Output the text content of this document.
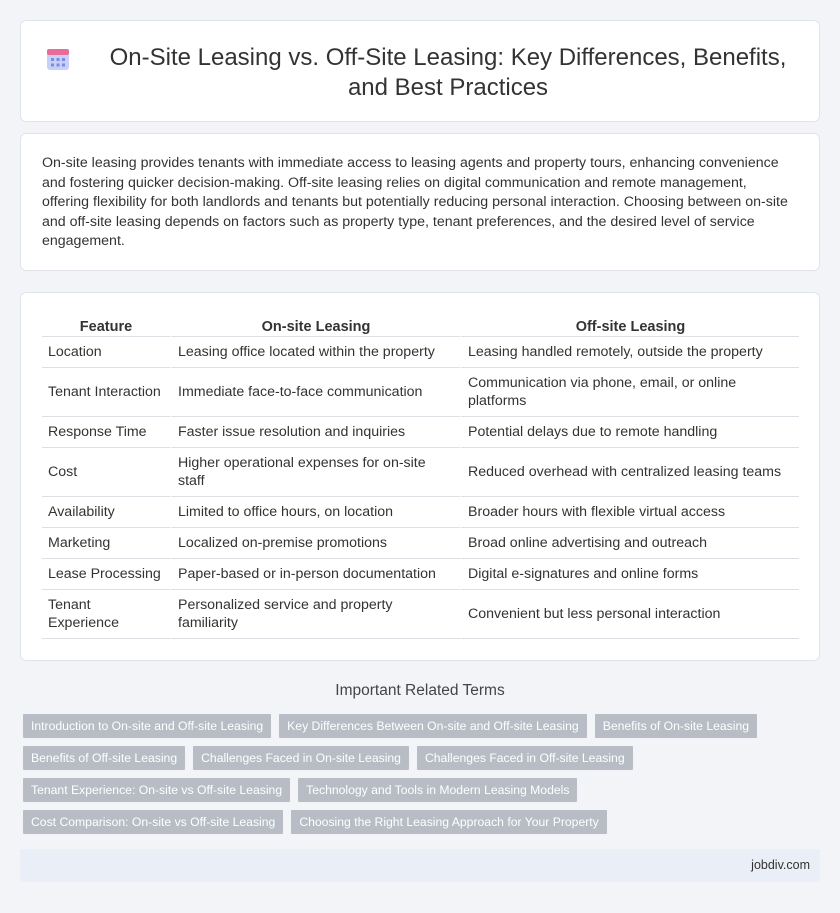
On-Site Leasing vs. Off-Site Leasing: Key Differences, Benefits, and Best Practices

On-site leasing provides tenants with immediate access to leasing agents and property tours, enhancing convenience and fostering quicker decision-making. Off-site leasing relies on digital communication and remote management, offering flexibility for both landlords and tenants but potentially reducing personal interaction. Choosing between on-site and off-site leasing depends on factors such as property type, tenant preferences, and the desired level of service engagement.

Feature	On-site Leasing	Off-site Leasing
Location	Leasing office located within the property	Leasing handled remotely, outside the property
Tenant Interaction	Immediate face-to-face communication	Communication via phone, email, or online platforms
Response Time	Faster issue resolution and inquiries	Potential delays due to remote handling
Cost	Higher operational expenses for on-site staff	Reduced overhead with centralized leasing teams
Availability	Limited to office hours, on location	Broader hours with flexible virtual access
Marketing	Localized on-premise promotions	Broad online advertising and outreach
Lease Processing	Paper-based or in-person documentation	Digital e-signatures and online forms
Tenant Experience	Personalized service and property familiarity	Convenient but less personal interaction
Important Related Terms
Introduction to On-site and Off-site Leasing	Key Differences Between On-site and Off-site Leasing	Benefits of On-site Leasing
Benefits of Off-site Leasing	Challenges Faced in On-site Leasing	Challenges Faced in Off-site Leasing
Tenant Experience: On-site vs Off-site Leasing	Technology and Tools in Modern Leasing Models
Cost Comparison: On-site vs Off-site Leasing	Choosing the Right Leasing Approach for Your Property
jobdiv.com
